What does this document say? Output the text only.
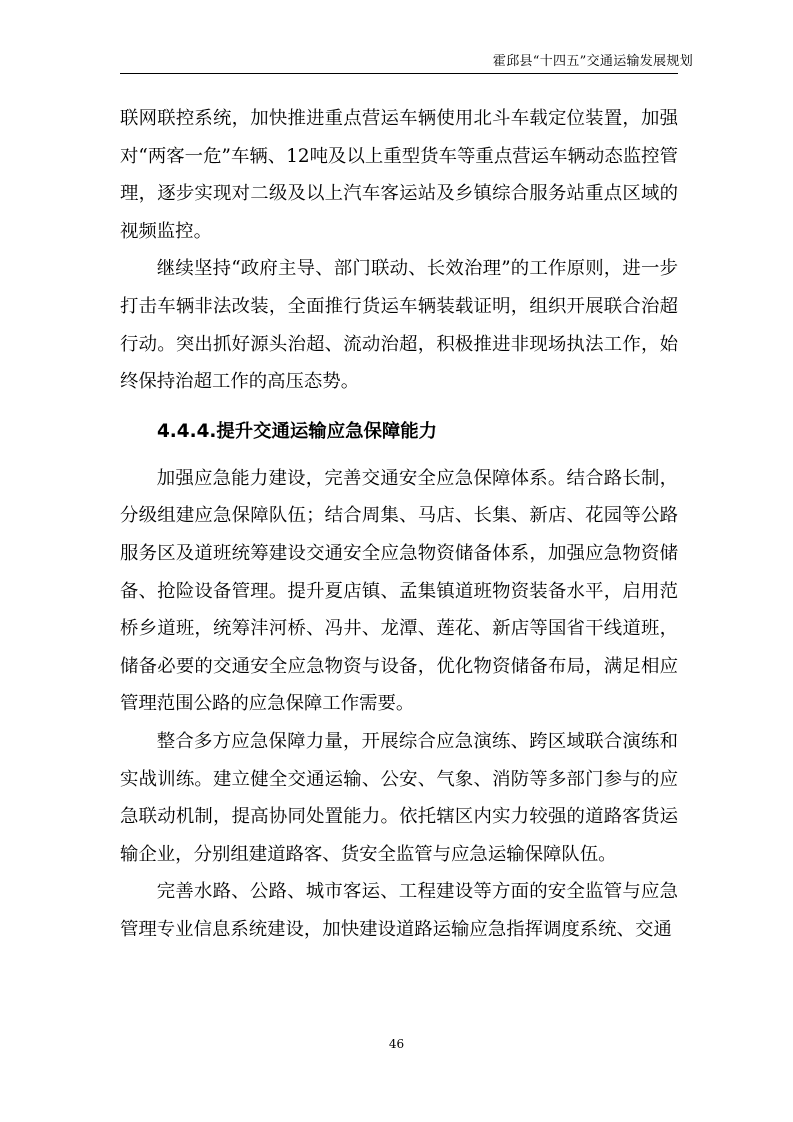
霍邱县“十四五”交通运输发展规划

联网联控系统，加快推进重点营运车辆使用北斗车载定位装置，加强对“两客一危”车辆、12吨及以上重型货车等重点营运车辆动态监控管理，逐步实现对二级及以上汽车客运站及乡镇综合服务站重点区域的视频监控。

继续坚持“政府主导、部门联动、长效治理”的工作原则，进一步打击车辆非法改装，全面推行货运车辆装载证明，组织开展联合治超行动。突出抓好源头治超、流动治超，积极推进非现场执法工作，始终保持治超工作的高压态势。

4.4.4.提升交通运输应急保障能力

加强应急能力建设，完善交通安全应急保障体系。结合路长制，分级组建应急保障队伍；结合周集、马店、长集、新店、花园等公路服务区及道班统筹建设交通安全应急物资储备体系，加强应急物资储备、抢险设备管理。提升夏店镇、孟集镇道班物资装备水平，启用范桥乡道班，统筹沣河桥、冯井、龙潭、莲花、新店等国省干线道班，储备必要的交通安全应急物资与设备，优化物资储备布局，满足相应管理范围公路的应急保障工作需要。

整合多方应急保障力量，开展综合应急演练、跨区域联合演练和实战训练。建立健全交通运输、公安、气象、消防等多部门参与的应急联动机制，提高协同处置能力。依托辖区内实力较强的道路客货运输企业，分别组建道路客、货安全监管与应急运输保障队伍。

完善水路、公路、城市客运、工程建设等方面的安全监管与应急管理专业信息系统建设，加快建设道路运输应急指挥调度系统、交通

46
